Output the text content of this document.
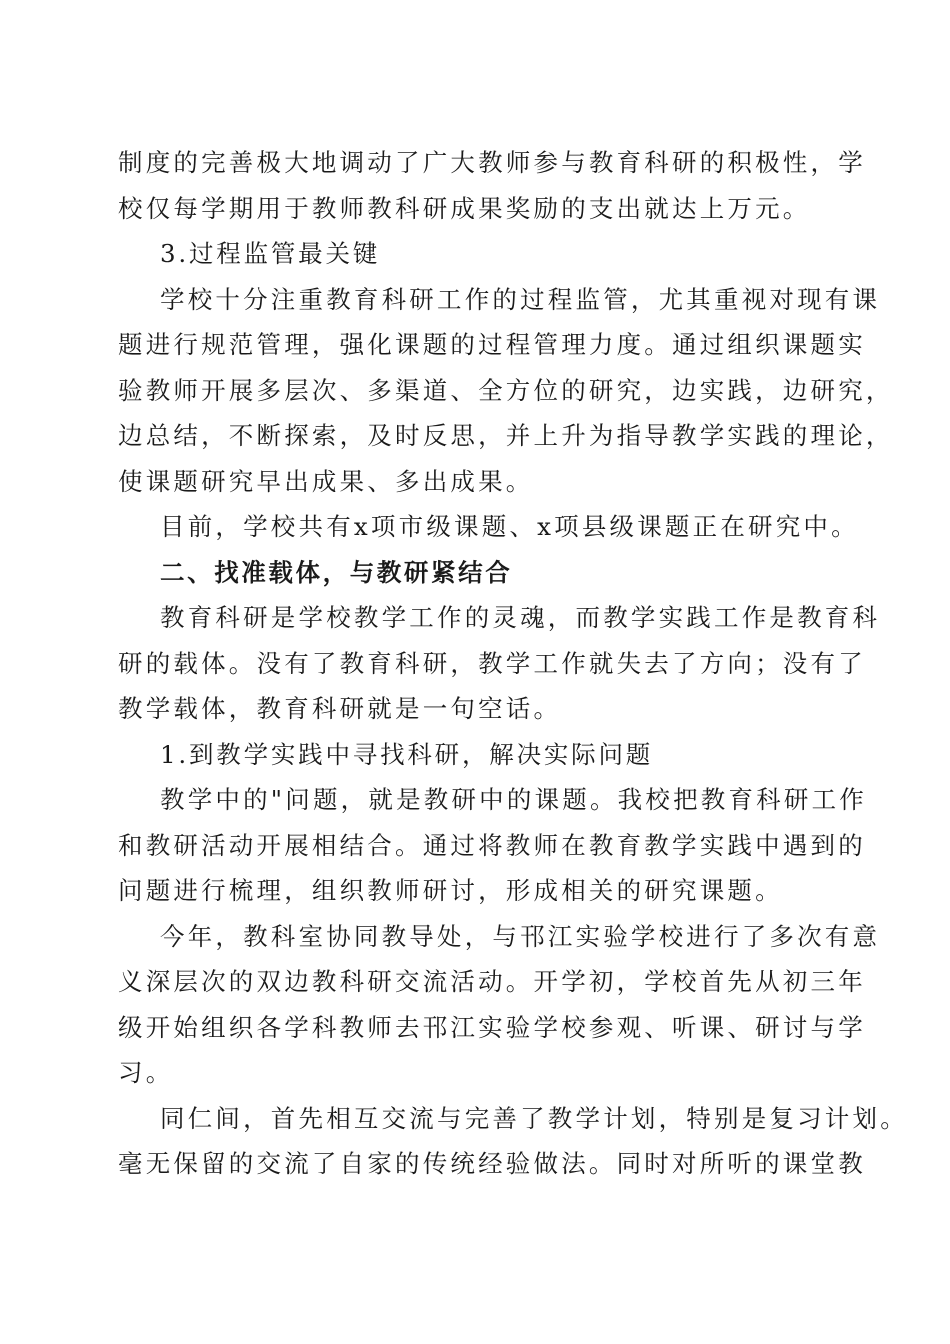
制度的完善极大地调动了广大教师参与教育科研的积极性，学
校仅每学期用于教师教科研成果奖励的支出就达上万元。
3.过程监管最关键
学校十分注重教育科研工作的过程监管，尤其重视对现有课
题进行规范管理，强化课题的过程管理力度。通过组织课题实
验教师开展多层次、多渠道、全方位的研究，边实践，边研究，
边总结，不断探索，及时反思，并上升为指导教学实践的理论，
使课题研究早出成果、多出成果。
目前，学校共有x项市级课题、x项县级课题正在研究中。
二、找准载体，与教研紧结合
教育科研是学校教学工作的灵魂，而教学实践工作是教育科
研的载体。没有了教育科研，教学工作就失去了方向；没有了
教学载体，教育科研就是一句空话。
1.到教学实践中寻找科研，解决实际问题
教学中的"问题，就是教研中的课题。我校把教育科研工作
和教研活动开展相结合。通过将教师在教育教学实践中遇到的
问题进行梳理，组织教师研讨，形成相关的研究课题。
今年，教科室协同教导处，与邗江实验学校进行了多次有意
义深层次的双边教科研交流活动。开学初，学校首先从初三年
级开始组织各学科教师去邗江实验学校参观、听课、研讨与学
习。
同仁间，首先相互交流与完善了教学计划，特别是复习计划。
毫无保留的交流了自家的传统经验做法。同时对所听的课堂教
